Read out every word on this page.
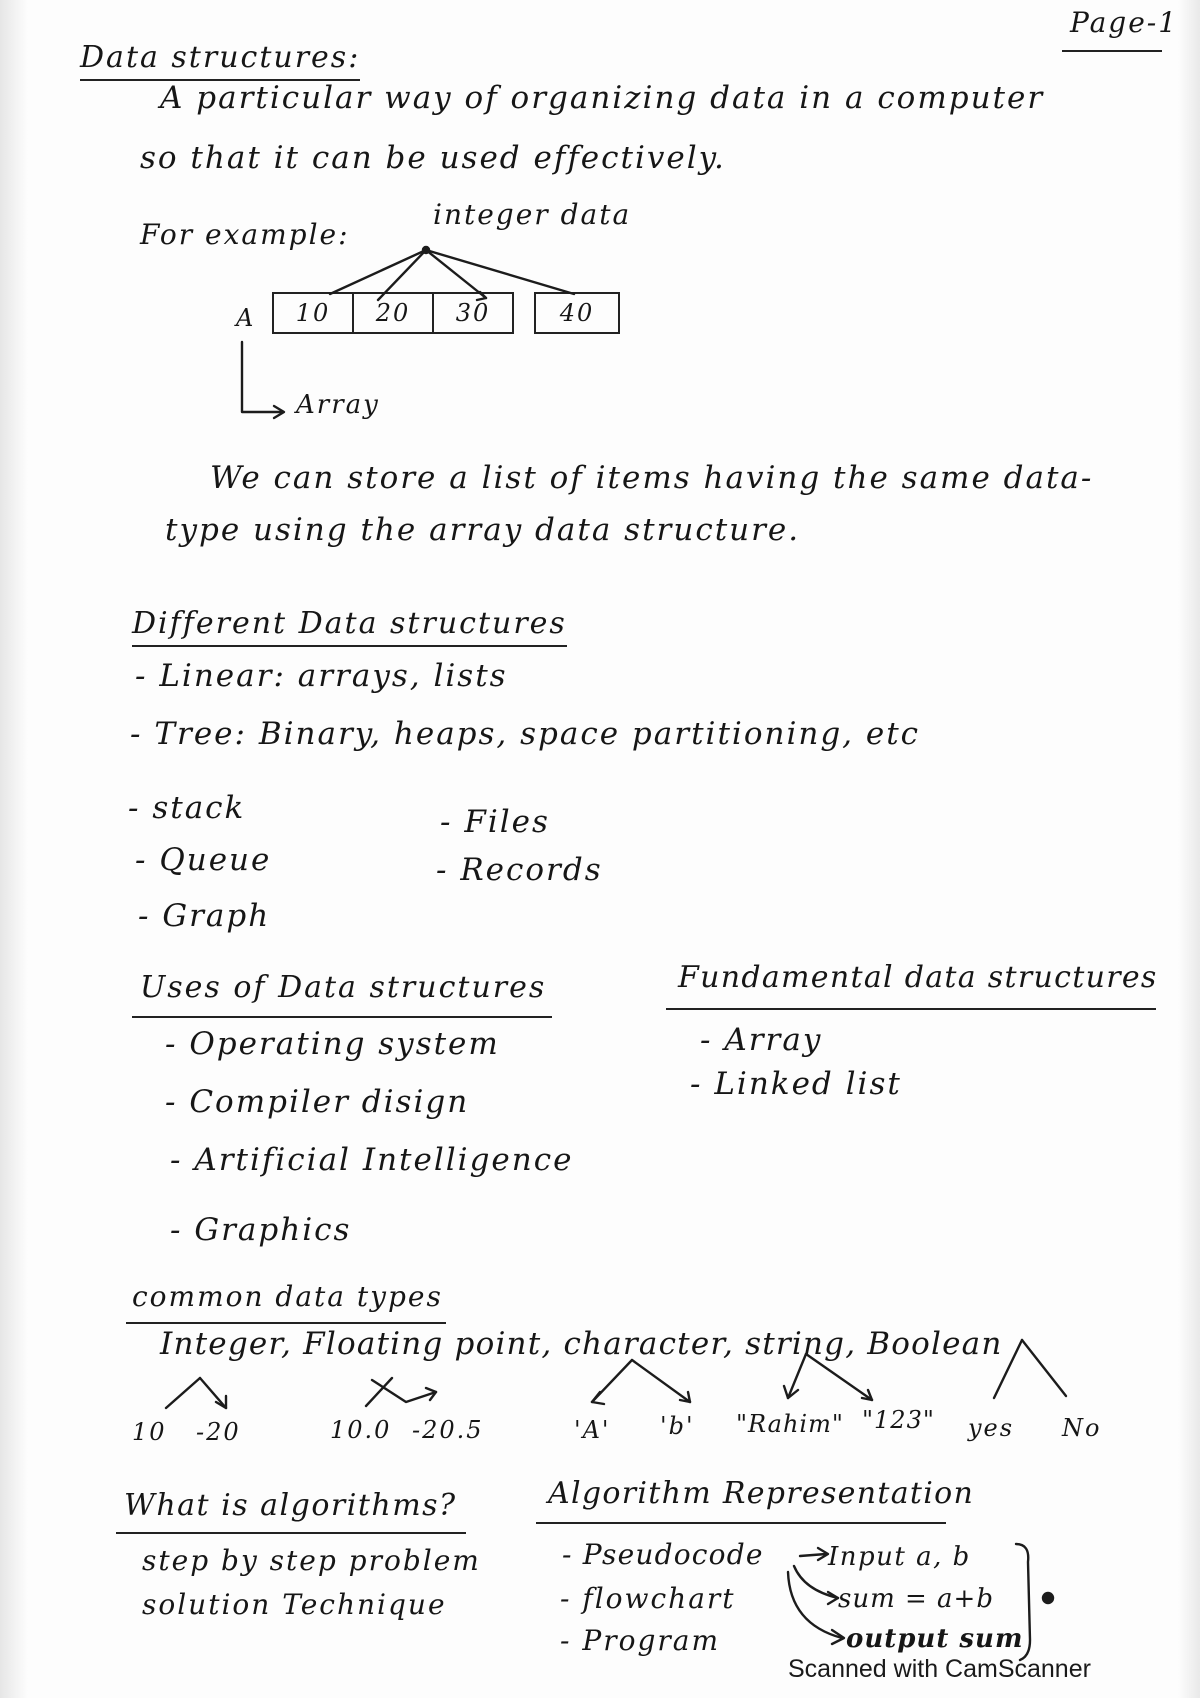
Page-1
Data structures:
A particular way of organizing data in a computer
so that it can be used effectively.
For example:
integer data
A 10 20 30	40
Array
We can store a list of items having the same data-
type using the array data structure.
Different Data structures
- Linear: arrays, lists
- Tree: Binary, heaps, space partitioning, etc
- stack
- Queue
- Graph
- Files
- Records
Uses of Data structures
- Operating system
- Compiler disign
- Artificial Intelligence
- Graphics
Fundamental data structures
- Array
- Linked list
common data types
Integer, Floating point, character, string, Boolean
10 -20	10.0 -20.5	'A' 'b' "Rahim" "123" yes No
What is algorithms?
step by step problem
solution Technique
Algorithm Representation
- Pseudocode
- flowchart
- Program
Input a, b
sum = a+b
output sum
Scanned with CamScanner
